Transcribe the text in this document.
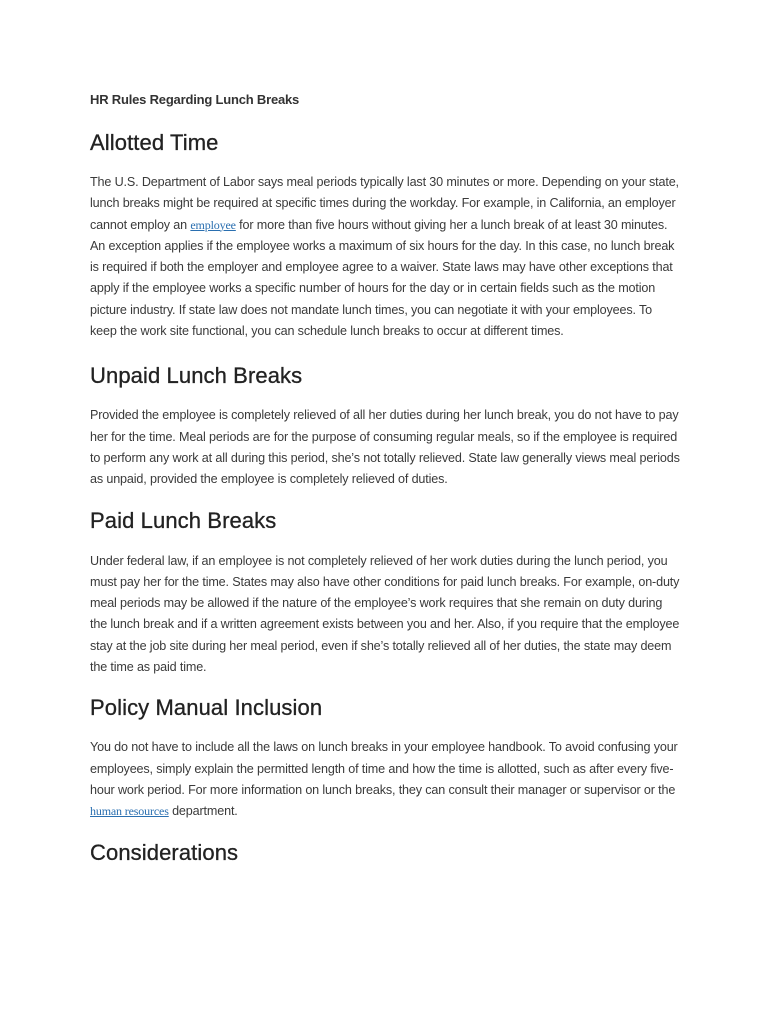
HR Rules Regarding Lunch Breaks
Allotted Time

The U.S. Department of Labor says meal periods typically last 30 minutes or more. Depending on your state, lunch breaks might be required at specific times during the workday. For example, in California, an employer cannot employ an employee for more than five hours without giving her a lunch break of at least 30 minutes. An exception applies if the employee works a maximum of six hours for the day. In this case, no lunch break is required if both the employer and employee agree to a waiver. State laws may have other exceptions that apply if the employee works a specific number of hours for the day or in certain fields such as the motion picture industry. If state law does not mandate lunch times, you can negotiate it with your employees. To keep the work site functional, you can schedule lunch breaks to occur at different times.

Unpaid Lunch Breaks

Provided the employee is completely relieved of all her duties during her lunch break, you do not have to pay her for the time. Meal periods are for the purpose of consuming regular meals, so if the employee is required to perform any work at all during this period, she’s not totally relieved. State law generally views meal periods as unpaid, provided the employee is completely relieved of duties.

Paid Lunch Breaks

Under federal law, if an employee is not completely relieved of her work duties during the lunch period, you must pay her for the time. States may also have other conditions for paid lunch breaks. For example, on-duty meal periods may be allowed if the nature of the employee’s work requires that she remain on duty during the lunch break and if a written agreement exists between you and her. Also, if you require that the employee stay at the job site during her meal period, even if she’s totally relieved all of her duties, the state may deem the time as paid time.

Policy Manual Inclusion

You do not have to include all the laws on lunch breaks in your employee handbook. To avoid confusing your employees, simply explain the permitted length of time and how the time is allotted, such as after every five-hour work period. For more information on lunch breaks, they can consult their manager or supervisor or the human resources department.

Considerations
